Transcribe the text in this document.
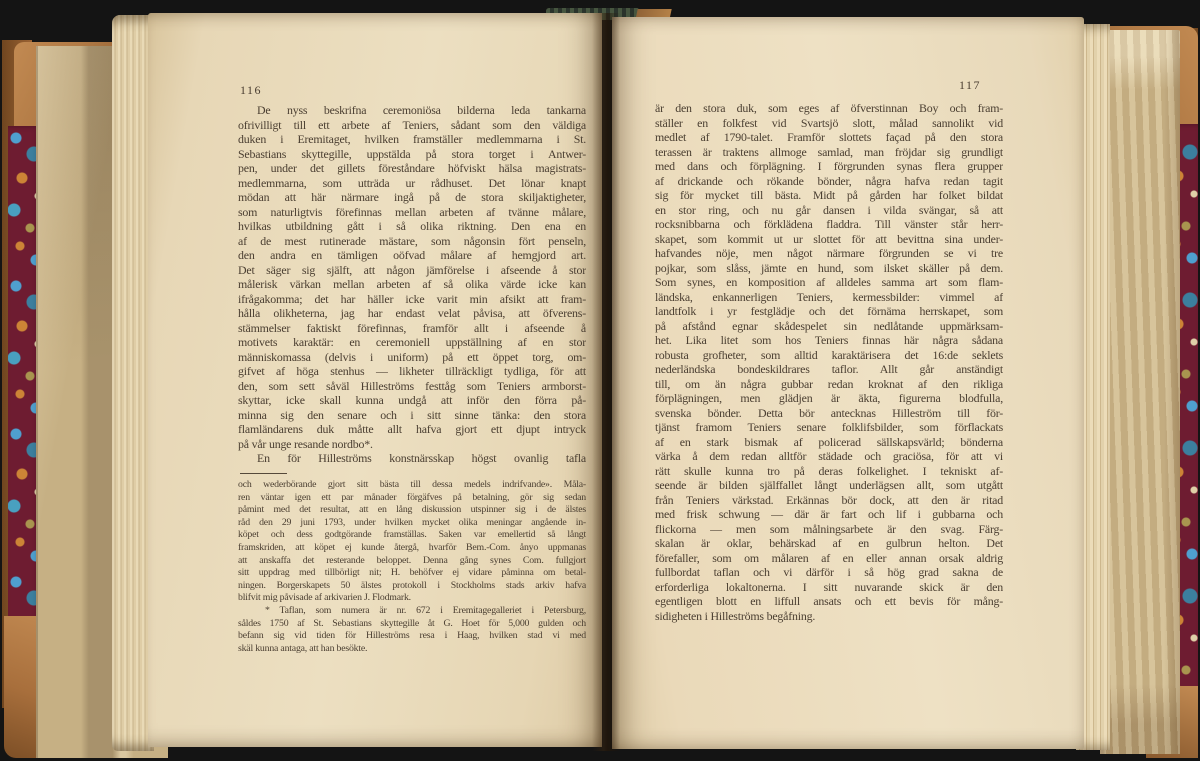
116
De nyss beskrifna ceremoniösa bilderna leda tankarna
ofrivilligt till ett arbete af Teniers, sådant som den väldiga
duken i Eremitaget, hvilken framställer medlemmarna i St.
Sebastians skyttegille, uppstälda på stora torget i Antwer-
pen, under det gillets föreståndare höfviskt hälsa magistrats-
medlemmarna, som utträda ur rådhuset. Det lönar knapt
mödan att här närmare ingå på de stora skiljaktigheter,
som naturligtvis förefinnas mellan arbeten af tvänne målare,
hvilkas utbildning gått i så olika riktning. Den ena en
af de mest rutinerade mästare, som någonsin fört penseln,
den andra en tämligen oöfvad målare af hemgjord art.
Det säger sig själft, att någon jämförelse i afseende å stor
målerisk värkan mellan arbeten af så olika värde icke kan
ifrågakomma; det har häller icke varit min afsikt att fram-
hålla olikheterna, jag har endast velat påvisa, att öfverens-
stämmelser faktiskt förefinnas, framför allt i afseende å
motivets karaktär: en ceremoniell uppställning af en stor
människomassa (delvis i uniform) på ett öppet torg, om-
gifvet af höga stenhus — likheter tillräckligt tydliga, för att
den, som sett såväl Hilleströms festtåg som Teniers armborst-
skyttar, icke skall kunna undgå att inför den förra på-
minna sig den senare och i sitt sinne tänka: den stora
flamländarens duk måtte allt hafva gjort ett djupt intryck
på vår unge resande nordbo*.
En för Hilleströms konstnärsskap högst ovanlig tafla
och wederbörande gjort sitt bästa till dessa medels indrifvande». Måla-
ren väntar igen ett par månader förgäfves på betalning, gör sig sedan
påmint med det resultat, att en lång diskussion utspinner sig i de älstes
råd den 29 juni 1793, under hvilken mycket olika meningar angående in-
köpet och dess godtgörande framställas. Saken var emellertid så långt
framskriden, att köpet ej kunde återgå, hvarför Bem.-Com. ånyo uppmanas
att anskaffa det resterande beloppet. Denna gång synes Com. fullgjort
sitt uppdrag med tillbörligt nit; H. behöfver ej vidare påminna om betal-
ningen. Borgerskapets 50 älstes protokoll i Stockholms stads arkiv hafva
blifvit mig påvisade af arkivarien J. Flodmark.
* Taflan, som numera är nr. 672 i Eremitagegalleriet i Petersburg,
såldes 1750 af St. Sebastians skyttegille åt G. Hoet för 5,000 gulden och
befann sig vid tiden för Hilleströms resa i Haag, hvilken stad vi med
skäl kunna antaga, att han besökte.
117
är den stora duk, som eges af öfverstinnan Boy och fram-
ställer en folkfest vid Svartsjö slott, målad sannolikt vid
medlet af 1790-talet. Framför slottets façad på den stora
terassen är traktens allmoge samlad, man fröjdar sig grundligt
med dans och förplägning. I förgrunden synas flera grupper
af drickande och rökande bönder, några hafva redan tagit
sig för mycket till bästa. Midt på gården har folket bildat
en stor ring, och nu går dansen i vilda svängar, så att
rocksnibbarna och förklädena fladdra. Till vänster står herr-
skapet, som kommit ut ur slottet för att bevittna sina under-
hafvandes nöje, men något närmare förgrunden se vi tre
pojkar, som slåss, jämte en hund, som ilsket skäller på dem.
Som synes, en komposition af alldeles samma art som flam-
ländska, enkannerligen Teniers, kermessbilder: vimmel af
landtfolk i yr festglädje och det förnäma herrskapet, som
på afstånd egnar skådespelet sin nedlåtande uppmärksam-
het. Lika litet som hos Teniers finnas här några sådana
robusta grofheter, som alltid karaktärisera det 16:de seklets
nederländska bondeskildrares taflor. Allt går anständigt
till, om än några gubbar redan kroknat af den rikliga
förplägningen, men glädjen är äkta, figurerna blodfulla,
svenska bönder. Detta bör antecknas Hilleström till för-
tjänst framom Teniers senare folklifsbilder, som förflackats
af en stark bismak af policerad sällskapsvärld; bönderna
värka å dem redan alltför städade och graciösa, för att vi
rätt skulle kunna tro på deras folkelighet. I tekniskt af-
seende är bilden själffallet långt underlägsen allt, som utgått
från Teniers värkstad. Erkännas bör dock, att den är ritad
med frisk schwung — där är fart och lif i gubbarna och
flickorna — men som målningsarbete är den svag. Färg-
skalan är oklar, behärskad af en gulbrun helton. Det
förefaller, som om målaren af en eller annan orsak aldrig
fullbordat taflan och vi därför i så hög grad sakna de
erforderliga lokaltonerna. I sitt nuvarande skick är den
egentligen blott en liffull ansats och ett bevis för mång-
sidigheten i Hilleströms begåfning.
